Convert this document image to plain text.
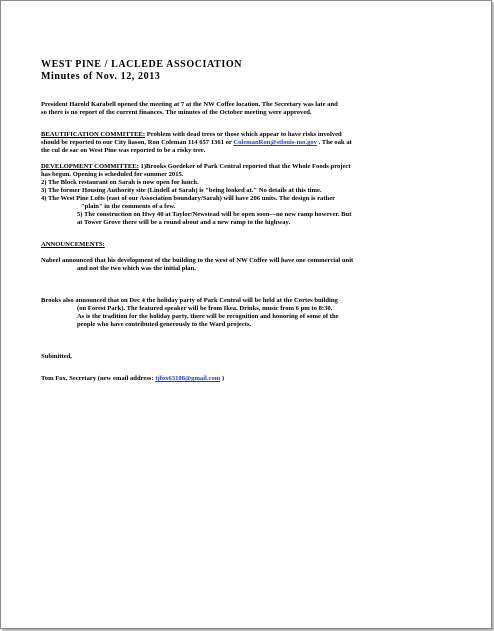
WEST PINE / LACLEDE ASSOCIATION
Minutes of Nov. 12, 2013
President Harold Karabell opened the meeting at 7 at the NW Coffee location. The Secretary was late and
so there is no report of the current finances. The minutes of the October meeting were approved.
BEAUTIFICATION COMMITTEE: Problem with dead trees or those which appear to have risks involved
should be reported to our City liason, Ron Coleman 114 657 1361 or ColemanRon@stlouis-mo.gov . The oak at
the cul de sac on West Pine was reported to be a risky tree.
DEVELOPMENT COMMITTEE: 1)Brooks Goedeker of Park Central reported that the Whole Foods project
has begun. Opening is scheduled for summer 2015.
2) The Block restaurant on Sarah is now open for lunch.
3) The former Housing Authority site (Lindell at Sarah) is "being looked at." No details at this time.
4) The West Pine Lofts (east of our Association boundary/Sarah) will have 206 units. The design is rather
"plain" in the comments of a few.
5) The construction on Hwy 40 at Taylor/Newstead will be open soon—no new ramp however. But
at Tower Grove there will be a round about and a new ramp to the highway.
ANNOUNCEMENTS:
Nabeel announced that his development of the building to the west of NW Coffee will have one commercial unit
and not the two which was the initial plan.
Brooks also announced that on Dec 4 the holiday party of Park Central will be held at the Cortes building
(on Forest Park). The featured speaker will be from Ikea. Drinks, music from 6 pm to 8:30.
As is the tradition for the holiday party, there will be recognition and honoring of some of the
people who have contributed generously to the Ward projects.
Submitted,
Tom Fox, Secretary (new email address: tjfox63108@gmail.com )
